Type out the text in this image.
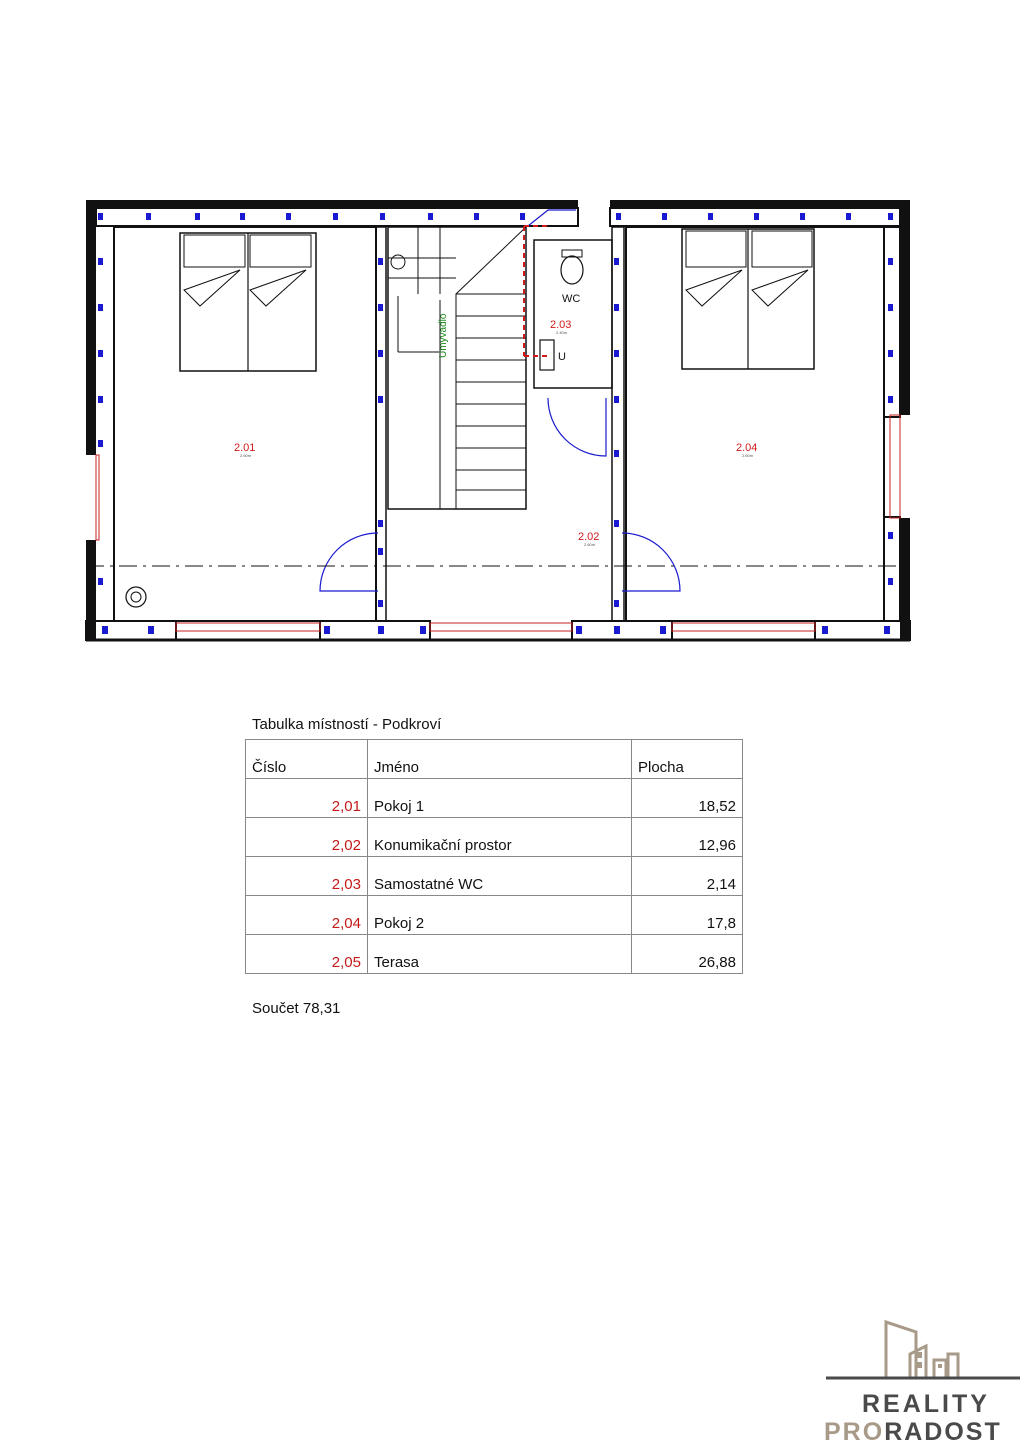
2.01
2.60m
2.02
2.60m
2.03
2.40m
2.04
2.60m
WC
U
Umyvadlo
Tabulka místností - Podkroví
Číslo	Jméno	Plocha
2,01	Pokoj 1	18,52
2,02	Konumikační prostor	12,96
2,03	Samostatné WC	2,14
2,04	Pokoj 2	17,8
2,05	Terasa	26,88
Součet 78,31
REALITY
PRORADOST
